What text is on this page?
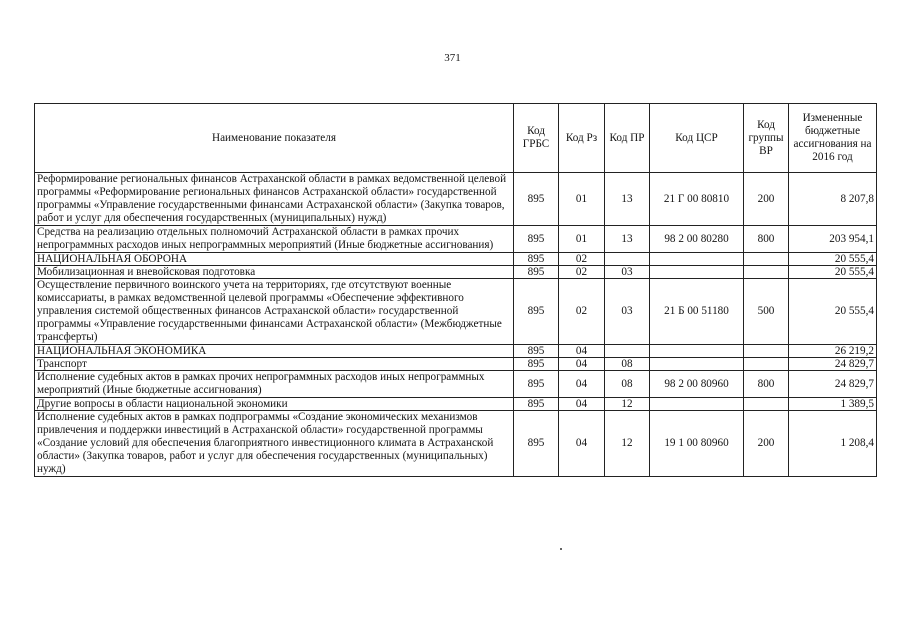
371
Наименование показателя	Код ГРБС	Код Рз	Код ПР	Код ЦСР	Код группы ВР	Измененные бюджетные ассигнования на 2016 год
Реформирование региональных финансов Астраханской области в рамках ведомственной целевой программы «Реформирование региональных финансов Астраханской области» государственной программы «Управление государственными финансами Астраханской области» (Закупка товаров, работ и услуг для обеспечения государственных (муниципальных) нужд)	895	01	13	21 Г 00 80810	200	8 207,8
Средства на реализацию отдельных полномочий Астраханской области в рамках прочих непрограммных расходов иных непрограммных мероприятий (Иные бюджетные ассигнования)	895	01	13	98 2 00 80280	800	203 954,1
НАЦИОНАЛЬНАЯ ОБОРОНА	895	02				20 555,4
Мобилизационная и вневойсковая подготовка	895	02	03			20 555,4
Осуществление первичного воинского учета на территориях, где отсутствуют военные комиссариаты, в рамках ведомственной целевой программы «Обеспечение эффективного управления системой общественных финансов Астраханской области» государственной программы «Управление государственными финансами Астраханской области» (Межбюджетные трансферты)	895	02	03	21 Б 00 51180	500	20 555,4
НАЦИОНАЛЬНАЯ ЭКОНОМИКА	895	04				26 219,2
Транспорт	895	04	08			24 829,7
Исполнение судебных актов в рамках прочих непрограммных расходов иных непрограммных мероприятий (Иные бюджетные ассигнования)	895	04	08	98 2 00 80960	800	24 829,7
Другие вопросы в области национальной экономики	895	04	12			1 389,5
Исполнение судебных актов в рамках подпрограммы «Создание экономических механизмов привлечения и поддержки инвестиций в Астраханской области» государственной программы «Создание условий для обеспечения благоприятного инвестиционного климата в Астраханской области» (Закупка товаров, работ и услуг для обеспечения государственных (муниципальных) нужд)	895	04	12	19 1 00 80960	200	1 208,4
